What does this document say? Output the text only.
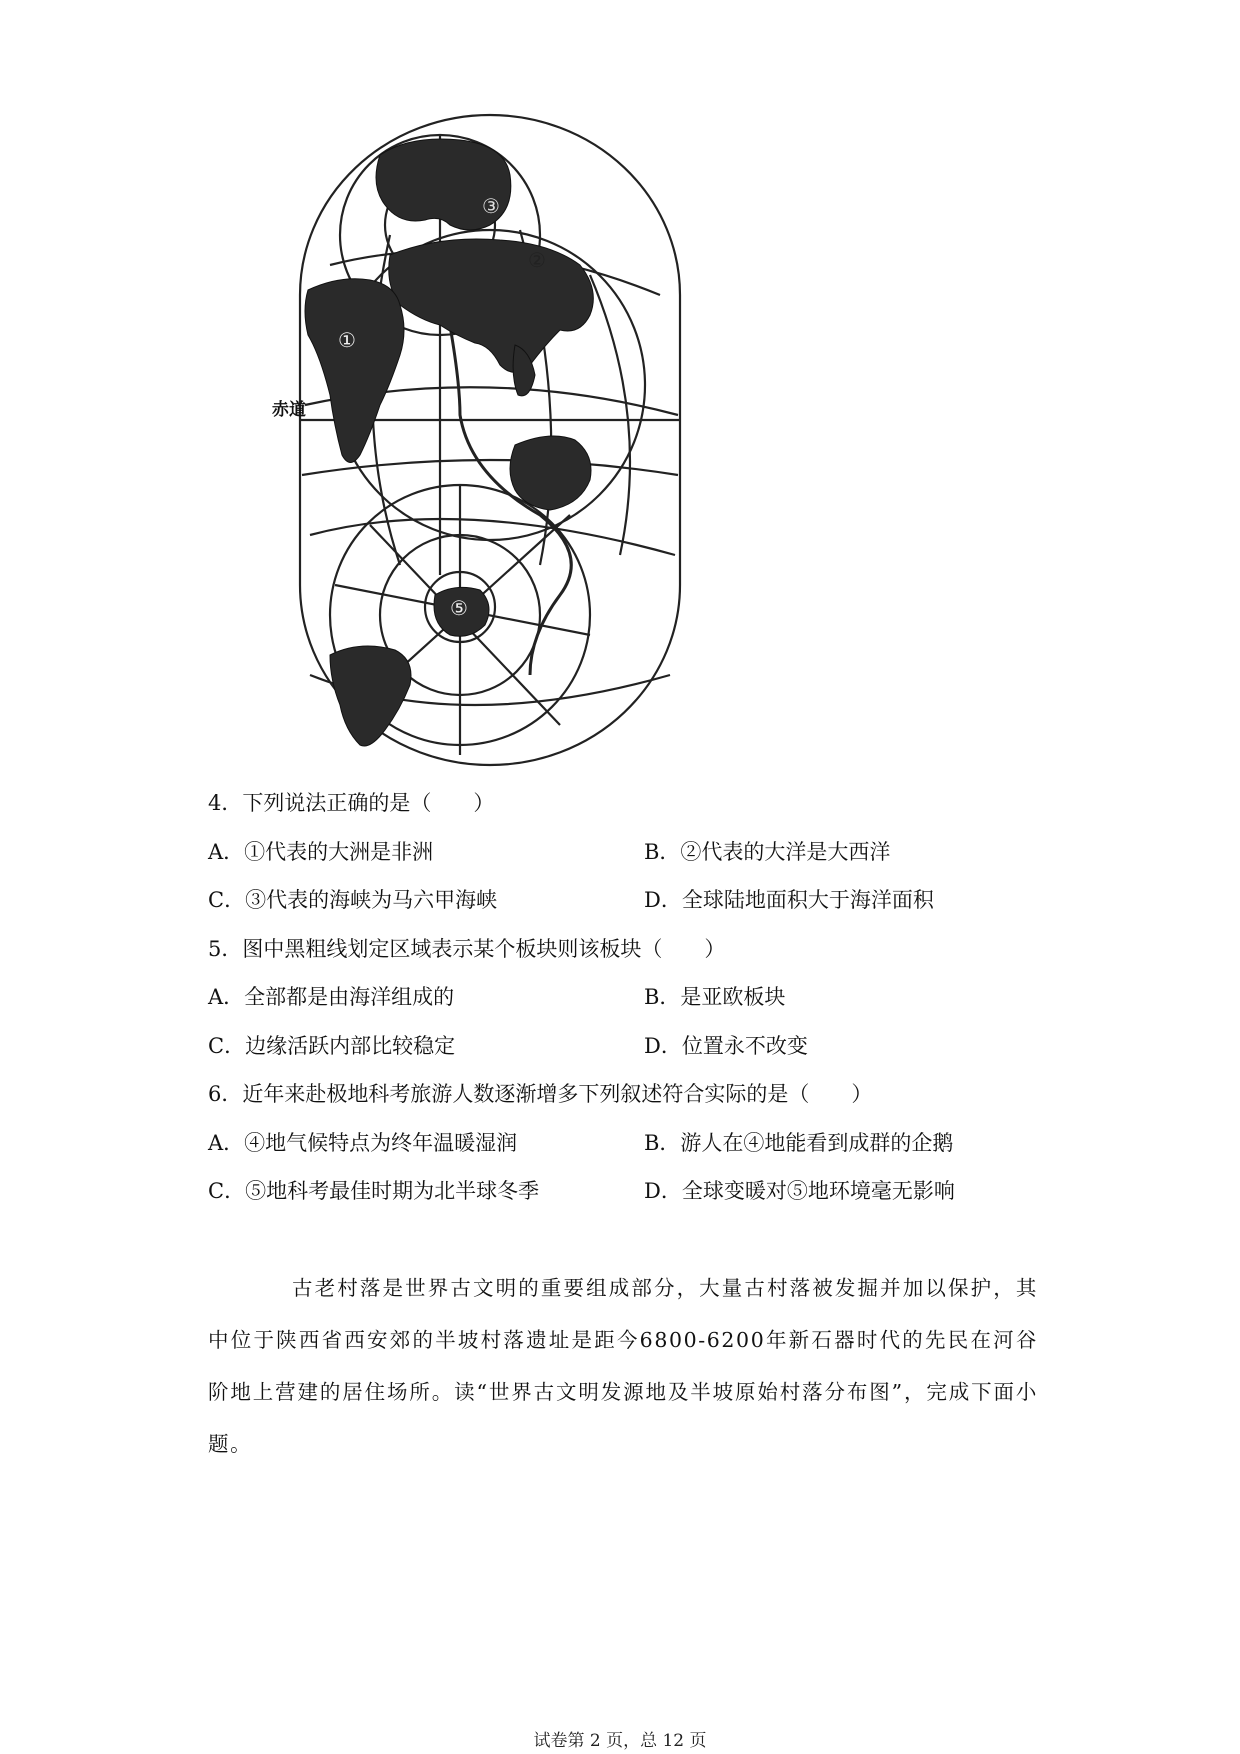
①
③
⑤
②
赤道
4．下列说法正确的是（　　）
A．①代表的大洲是非洲	B．②代表的大洋是大西洋
C．③代表的海峡为马六甲海峡	D．全球陆地面积大于海洋面积
5．图中黑粗线划定区域表示某个板块则该板块（　　）
A．全部都是由海洋组成的	B．是亚欧板块
C．边缘活跃内部比较稳定	D．位置永不改变
6．近年来赴极地科考旅游人数逐渐增多下列叙述符合实际的是（　　）
A．④地气候特点为终年温暖湿润	B．游人在④地能看到成群的企鹅
C．⑤地科考最佳时期为北半球冬季	D．全球变暖对⑤地环境毫无影响

古老村落是世界古文明的重要组成部分，大量古村落被发掘并加以保护，其中位于陕西省西安郊的半坡村落遗址是距今6800-6200年新石器时代的先民在河谷阶地上营建的居住场所。读“世界古文明发源地及半坡原始村落分布图”，完成下面小题。

试卷第 2 页，总 12 页
